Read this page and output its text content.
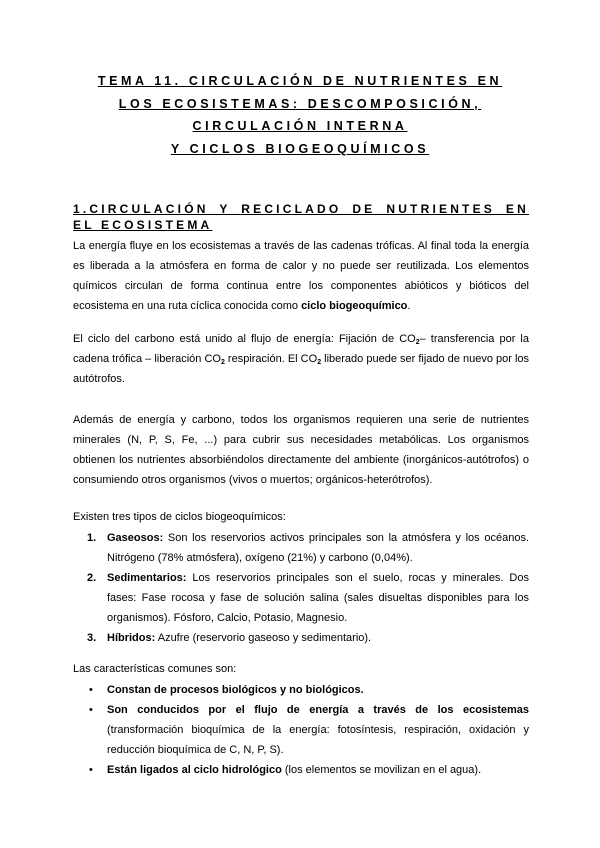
TEMA 11. CIRCULACIÓN DE NUTRIENTES EN
LOS ECOSISTEMAS: DESCOMPOSICIÓN,
CIRCULACIÓN INTERNA
Y CICLOS BIOGEOQUÍMICOS
1.CIRCULACIÓN Y RECICLADO DE NUTRIENTES EN EL ECOSISTEMA

La energía fluye en los ecosistemas a través de las cadenas tróficas. Al final toda la energía es liberada a la atmósfera en forma de calor y no puede ser reutilizada. Los elementos químicos circulan de forma continua entre los componentes abióticos y bióticos del ecosistema en una ruta cíclica conocida como ciclo biogeoquímico.

El ciclo del carbono está unido al flujo de energía: Fijación de $CO_2-$ transferencia por la cadena trófica – liberación $CO_2$ respiración. El $CO_2$ liberado puede ser fijado de nuevo por los autótrofos.

Además de energía y carbono, todos los organismos requieren una serie de nutrientes minerales (N, P, S, Fe, ...) para cubrir sus necesidades metabólicas. Los organismos obtienen los nutrientes absorbiéndolos directamente del ambiente (inorgánicos-autótrofos) o consumiendo otros organismos (vivos o muertos; orgánicos-heterótrofos).

Existen tres tipos de ciclos biogeoquímicos:

1. Gaseosos: Son los reservorios activos principales son la atmósfera y los océanos. Nitrógeno (78% atmósfera), oxígeno (21%) y carbono (0,04%).
2. Sedimentarios: Los reservorios principales son el suelo, rocas y minerales. Dos fases: Fase rocosa y fase de solución salina (sales disueltas disponibles para los organismos). Fósforo, Calcio, Potasio, Magnesio.
3. Híbridos: Azufre (reservorio gaseoso y sedimentario).

Las características comunes son:

• Constan de procesos biológicos y no biológicos.
• Son conducidos por el flujo de energía a través de los ecosistemas (transformación bioquímica de la energía: fotosíntesis, respiración, oxidación y reducción bioquímica de C, N, P, S).
• Están ligados al ciclo hidrológico (los elementos se movilizan en el agua).
